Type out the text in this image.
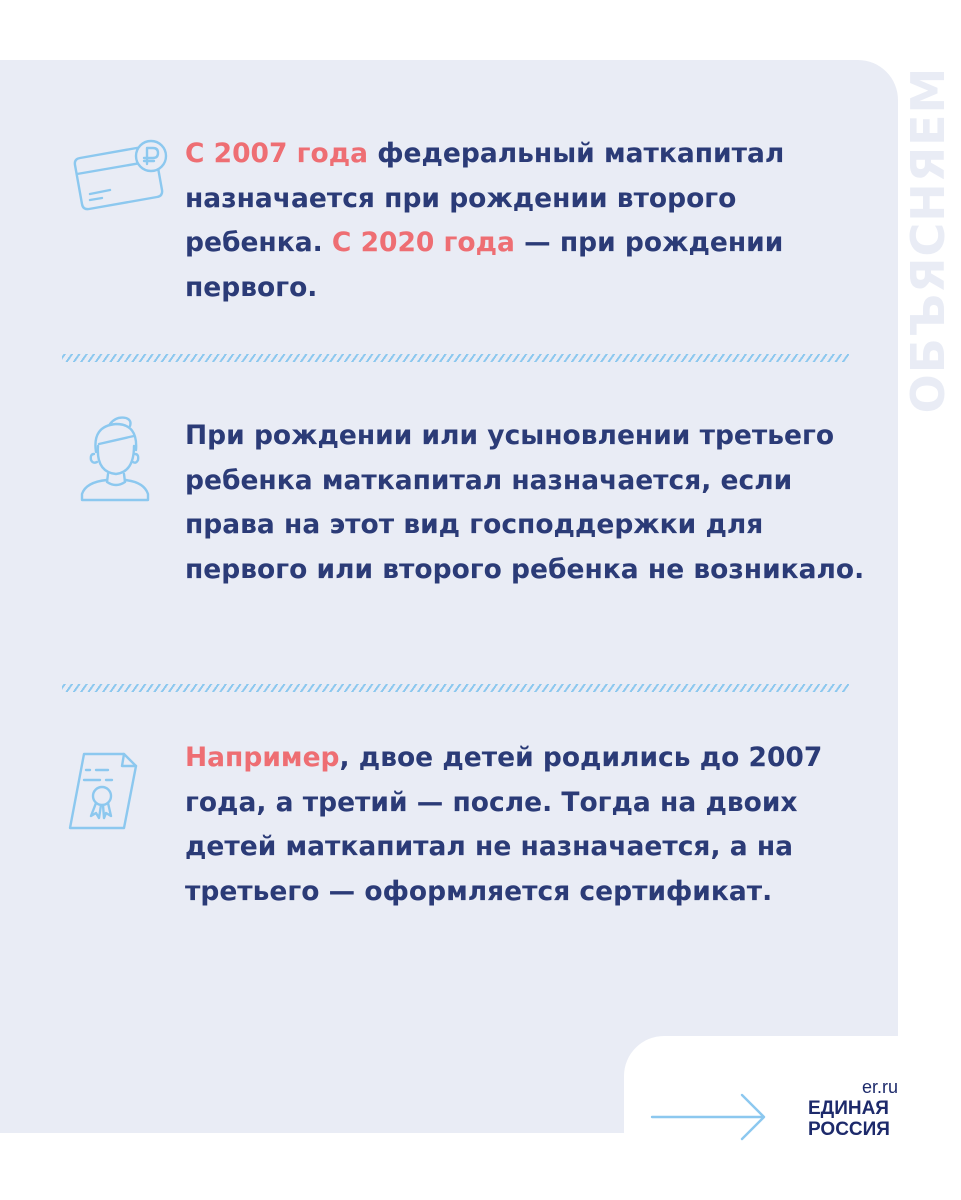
ОБЪЯСНЯЕМ
С 2007 года федеральный маткапитал назначается при рождении второго ребенка. С 2020 года — при рождении первого.
При рождении или усыновлении третьего ребенка маткапитал назначается, если права на этот вид господдержки для первого или второго ребенка не возникало.
Например, двое детей родились до 2007 года, а третий — после. Тогда на двоих детей маткапитал не назначается, а на третьего — оформляется сертификат.
er.ru
ЕДИНАЯ
РОССИЯ
